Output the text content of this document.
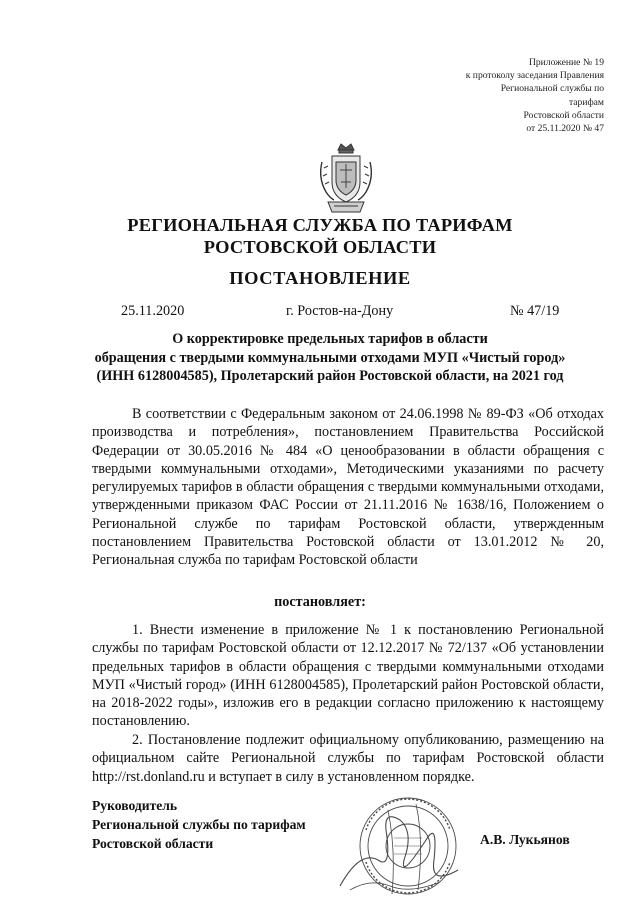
Приложение № 19
к протоколу заседания Правления
Региональной службы по
тарифам
Ростовской области
от 25.11.2020 № 47
РЕГИОНАЛЬНАЯ СЛУЖБА ПО ТАРИФАМ
РОСТОВСКОЙ ОБЛАСТИ
ПОСТАНОВЛЕНИЕ
25.11.2020	г. Ростов-на-Дону	№ 47/19
О корректировке предельных тарифов в области
обращения с твердыми коммунальными отходами МУП «Чистый город»
(ИНН 6128004585), Пролетарский район Ростовской области, на 2021 год
В соответствии с Федеральным законом от 24.06.1998 № 89-ФЗ «Об отходах производства и потребления», постановлением Правительства Российской Федерации от 30.05.2016 № 484 «О ценообразовании в области обращения с твердыми коммунальными отходами», Методическими указаниями по расчету регулируемых тарифов в области обращения с твердыми коммунальными отходами, утвержденными приказом ФАС России от 21.11.2016 № 1638/16, Положением о Региональной службе по тарифам Ростовской области, утвержденным постановлением Правительства Ростовской области от 13.01.2012 № 20, Региональная служба по тарифам Ростовской области
постановляет:
1. Внести изменение в приложение № 1 к постановлению Региональной службы по тарифам Ростовской области от 12.12.2017 № 72/137 «Об установлении предельных тарифов в области обращения с твердыми коммунальными отходами МУП «Чистый город» (ИНН 6128004585), Пролетарский район Ростовской области, на 2018-2022 годы», изложив его в редакции согласно приложению к настоящему постановлению.
2. Постановление подлежит официальному опубликованию, размещению на официальном сайте Региональной службы по тарифам Ростовской области http://rst.donland.ru и вступает в силу в установленном порядке.
Руководитель
Региональной службы по тарифам
Ростовской области	А.В. Лукьянов
